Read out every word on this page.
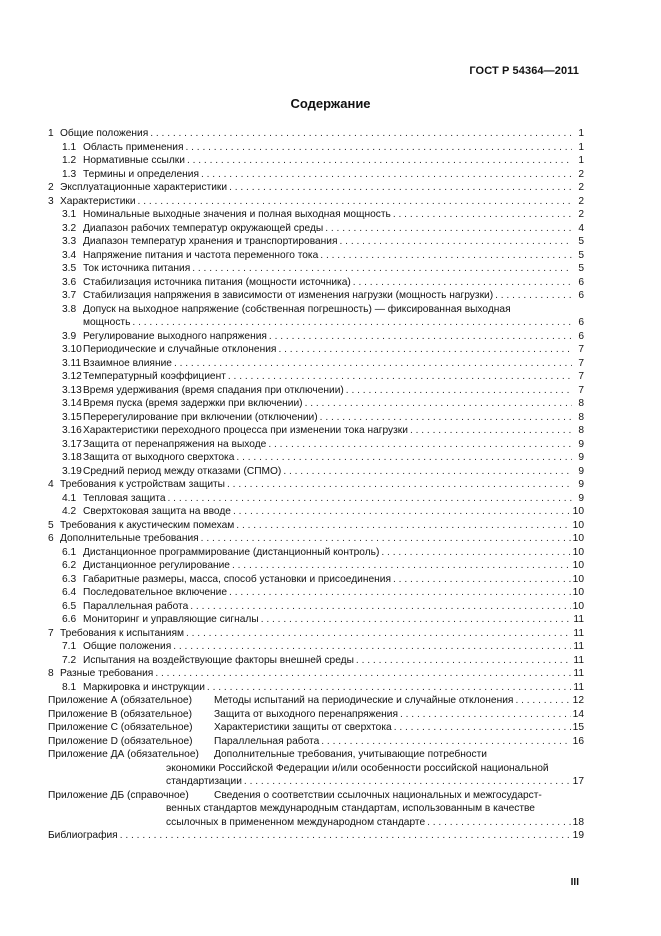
ГОСТ Р 54364—2011
Содержание
1 Общие положения . . .	1
1.1 Область применения . . .	1
1.2 Нормативные ссылки . . .	1
1.3 Термины и определения . . .	2
2 Эксплуатационные характеристики . . .	2
3 Характеристики . . .	2
3.1 Номинальные выходные значения и полная выходная мощность . . .	2
3.2 Диапазон рабочих температур окружающей среды . . .	4
3.3 Диапазон температур хранения и транспортирования . . .	5
3.4 Напряжение питания и частота переменного тока . . .	5
3.5 Ток источника питания . . .	5
3.6 Стабилизация источника питания (мощности источника) . . .	6
3.7 Стабилизация напряжения в зависимости от изменения нагрузки (мощность нагрузки) . . .	6
3.8 Допуск на выходное напряжение (собственная погрешность) — фиксированная выходная
мощность . . .	6
3.9 Регулирование выходного напряжения . . .	6
3.10 Периодические и случайные отклонения . . .	7
3.11 Взаимное влияние . . .	7
3.12 Температурный коэффициент . . .	7
3.13 Время удерживания (время спадания при отключении) . . .	7
3.14 Время пуска (время задержки при включении) . . .	8
3.15 Перерегулирование при включении (отключении) . . .	8
3.16 Характеристики переходного процесса при изменении тока нагрузки . . .	8
3.17 Защита от перенапряжения на выходе . . .	9
3.18 Защита от выходного сверхтока . . .	9
3.19 Средний период между отказами (СПМО) . . .	9
4 Требования к устройствам защиты . . .	9
4.1 Тепловая защита . . .	9
4.2 Сверхтоковая защита на вводе . . .	10
5 Требования к акустическим помехам . . .	10
6 Дополнительные требования . . .	10
6.1 Дистанционное программирование (дистанционный контроль) . . .	10
6.2 Дистанционное регулирование . . .	10
6.3 Габаритные размеры, масса, способ установки и присоединения . . .	10
6.4 Последовательное включение . . .	10
6.5 Параллельная работа . . .	10
6.6 Мониторинг и управляющие сигналы . . .	11
7 Требования к испытаниям . . .	11
7.1 Общие положения . . .	11
7.2 Испытания на воздействующие факторы внешней среды . . .	11
8 Разные требования . . .	11
8.1 Маркировка и инструкции . . .	11
Приложение А (обязательное) Методы испытаний на периодические и случайные отклонения . . .	12
Приложение В (обязательное) Защита от выходного перенапряжения . . .	14
Приложение С (обязательное) Характеристики защиты от сверхтока . . .	15
Приложение D (обязательное) Параллельная работа . . .	16
Приложение ДА (обязательное) Дополнительные требования, учитывающие потребности
экономики Российской Федерации и/или особенности российской национальной
стандартизации . . .	17
Приложение ДБ (справочное) Сведения о соответствии ссылочных национальных и межгосударст-
венных стандартов международным стандартам, использованным в качестве
ссылочных в примененном международном стандарте . . .	18
Библиография . . .	19
III
